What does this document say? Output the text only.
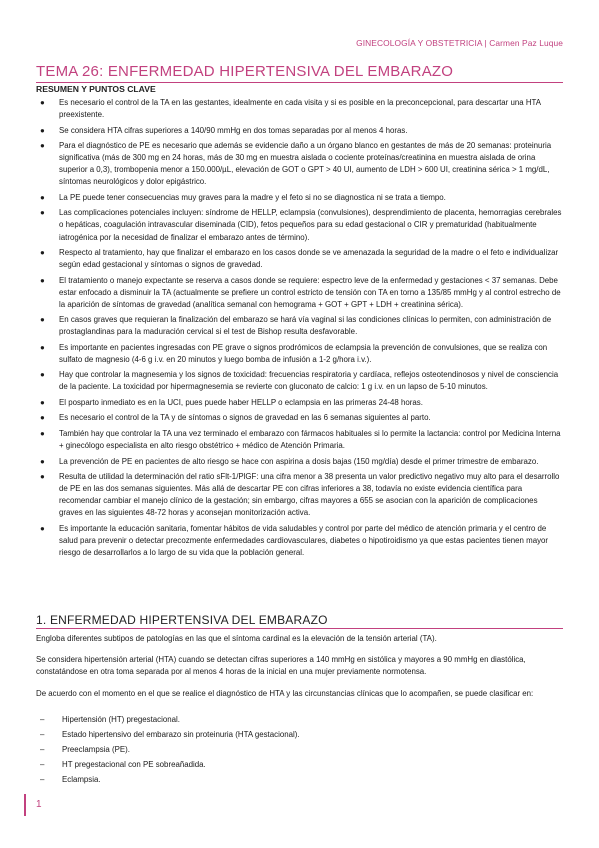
GINECOLOGÍA Y OBSTETRICIA | Carmen Paz Luque
TEMA 26: ENFERMEDAD HIPERTENSIVA DEL EMBARAZO
RESUMEN Y PUNTOS CLAVE
● Es necesario el control de la TA en las gestantes, idealmente en cada visita y si es posible en la preconcepcional, para descartar una HTA preexistente.
● Se considera HTA cifras superiores a 140/90 mmHg en dos tomas separadas por al menos 4 horas.
● Para el diagnóstico de PE es necesario que además se evidencie daño a un órgano blanco en gestantes de más de 20 semanas: proteinuria significativa (más de 300 mg en 24 horas, más de 30 mg en muestra aislada o cociente proteínas/creatinina en muestra aislada de orina superior a 0,3), trombopenia menor a 150.000/µL, elevación de GOT o GPT > 40 UI, aumento de LDH > 600 UI, creatinina sérica > 1 mg/dL, síntomas neurológicos y dolor epigástrico.
● La PE puede tener consecuencias muy graves para la madre y el feto si no se diagnostica ni se trata a tiempo.
● Las complicaciones potenciales incluyen: síndrome de HELLP, eclampsia (convulsiones), desprendimiento de placenta, hemorragias cerebrales o hepáticas, coagulación intravascular diseminada (CID), fetos pequeños para su edad gestacional o CIR y prematuridad (habitualmente iatrogénica por la necesidad de finalizar el embarazo antes de término).
● Respecto al tratamiento, hay que finalizar el embarazo en los casos donde se ve amenazada la seguridad de la madre o el feto e individualizar según edad gestacional y síntomas o signos de gravedad.
● El tratamiento o manejo expectante se reserva a casos donde se requiere: espectro leve de la enfermedad y gestaciones < 37 semanas. Debe estar enfocado a disminuir la TA (actualmente se prefiere un control estricto de tensión con TA en torno a 135/85 mmHg y al control estrecho de la aparición de síntomas de gravedad (analítica semanal con hemograma + GOT + GPT + LDH + creatinina sérica).
● En casos graves que requieran la finalización del embarazo se hará vía vaginal si las condiciones clínicas lo permiten, con administración de prostaglandinas para la maduración cervical si el test de Bishop resulta desfavorable.
● Es importante en pacientes ingresadas con PE grave o signos prodrómicos de eclampsia la prevención de convulsiones, que se realiza con sulfato de magnesio (4-6 g i.v. en 20 minutos y luego bomba de infusión a 1-2 g/hora i.v.).
● Hay que controlar la magnesemia y los signos de toxicidad: frecuencias respiratoria y cardíaca, reflejos osteotendinosos y nivel de consciencia de la paciente. La toxicidad por hipermagnesemia se revierte con gluconato de calcio: 1 g i.v. en un lapso de 5-10 minutos.
● El posparto inmediato es en la UCI, pues puede haber HELLP o eclampsia en las primeras 24-48 horas.
● Es necesario el control de la TA y de síntomas o signos de gravedad en las 6 semanas siguientes al parto.
● También hay que controlar la TA una vez terminado el embarazo con fármacos habituales si lo permite la lactancia: control por Medicina Interna + ginecólogo especialista en alto riesgo obstétrico + médico de Atención Primaria.
● La prevención de PE en pacientes de alto riesgo se hace con aspirina a dosis bajas (150 mg/día) desde el primer trimestre de embarazo.
● Resulta de utilidad la determinación del ratio sFlt-1/PlGF: una cifra menor a 38 presenta un valor predictivo negativo muy alto para el desarrollo de PE en las dos semanas siguientes. Más allá de descartar PE con cifras inferiores a 38, todavía no existe evidencia científica para recomendar cambiar el manejo clínico de la gestación; sin embargo, cifras mayores a 655 se asocian con la aparición de complicaciones graves en las siguientes 48-72 horas y aconsejan monitorización activa.
● Es importante la educación sanitaria, fomentar hábitos de vida saludables y control por parte del médico de atención primaria y el centro de salud para prevenir o detectar precozmente enfermedades cardiovasculares, diabetes o hipotiroidismo ya que estas pacientes tienen mayor riesgo de desarrollarlos a lo largo de su vida que la población general.
1. ENFERMEDAD HIPERTENSIVA DEL EMBARAZO

Engloba diferentes subtipos de patologías en las que el síntoma cardinal es la elevación de la tensión arterial (TA).

Se considera hipertensión arterial (HTA) cuando se detectan cifras superiores a 140 mmHg en sistólica y mayores a 90 mmHg en diastólica, constatándose en otra toma separada por al menos 4 horas de la inicial en una mujer previamente normotensa.

De acuerdo con el momento en el que se realice el diagnóstico de HTA y las circunstancias clínicas que lo acompañen, se puede clasificar en:

– Hipertensión (HT) pregestacional.
– Estado hipertensivo del embarazo sin proteinuria (HTA gestacional).
– Preeclampsia (PE).
– HT pregestacional con PE sobreañadida.
– Eclampsia.
1
